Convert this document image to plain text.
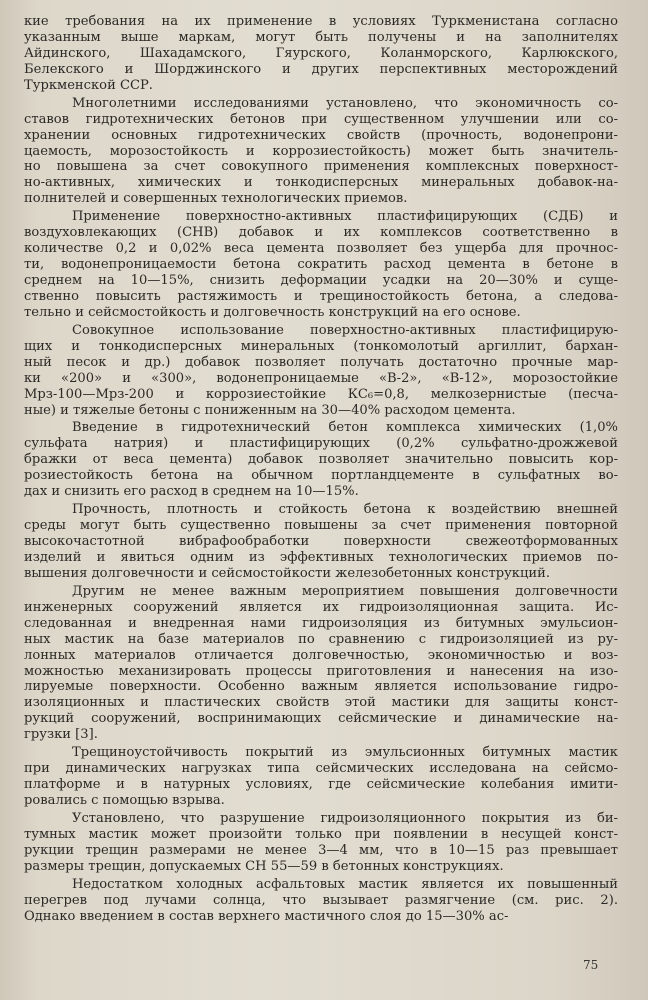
кие требования на их применение в условиях Туркменистана согласно
указанным выше маркам, могут быть получены и на заполнителях
Айдинского, Шахадамского, Гяурского, Коланморского, Карлюкского,
Белекского и Шорджинского и других перспективных месторождений
Туркменской ССР.
Многолетними исследованиями установлено, что экономичность со-
ставов гидротехнических бетонов при существенном улучшении или со-
хранении основных гидротехнических свойств (прочность, водонепрони-
цаемость, морозостойкость и коррозиестойкость) может быть значитель-
но повышена за счет совокупного применения комплексных поверхност-
но-активных, химических и тонкодисперсных минеральных добавок-на-
полнителей и совершенных технологических приемов.
Применение поверхностно-активных пластифицирующих (СДБ) и
воздуховлекающих (СНВ) добавок и их комплексов соответственно в
количестве 0,2 и 0,02% веса цемента позволяет без ущерба для прочнос-
ти, водонепроницаемости бетона сократить расход цемента в бетоне в
среднем на 10—15%, снизить деформации усадки на 20—30% и суще-
ственно повысить растяжимость и трещиностойкость бетона, а следова-
тельно и сейсмостойкость и долговечность конструкций на его основе.
Совокупное использование поверхностно-активных пластифицирую-
щих и тонкодисперсных минеральных (тонкомолотый аргиллит, бархан-
ный песок и др.) добавок позволяет получать достаточно прочные мар-
ки «200» и «300», водонепроницаемые «В-2», «В-12», морозостойкие
Мрз-100—Мрз-200 и коррозиестойкие КС₆=0,8, мелкозернистые (песча-
ные) и тяжелые бетоны с пониженным на 30—40% расходом цемента.
Введение в гидротехнический бетон комплекса химических (1,0%
сульфата натрия) и пластифицирующих (0,2% сульфатно-дрожжевой
бражки от веса цемента) добавок позволяет значительно повысить кор-
розиестойкость бетона на обычном портландцементе в сульфатных во-
дах и снизить его расход в среднем на 10—15%.
Прочность, плотность и стойкость бетона к воздействию внешней
среды могут быть существенно повышены за счет применения повторной
высокочастотной вибрафообработки поверхности свежеотформованных
изделий и явиться одним из эффективных технологических приемов по-
вышения долговечности и сейсмостойкости железобетонных конструкций.
Другим не менее важным мероприятием повышения долговечности
инженерных сооружений является их гидроизоляционная защита. Ис-
следованная и внедренная нами гидроизоляция из битумных эмульсион-
ных мастик на базе материалов по сравнению с гидроизоляцией из ру-
лонных материалов отличается долговечностью, экономичностью и воз-
можностью механизировать процессы приготовления и нанесения на изо-
лируемые поверхности. Особенно важным является использование гидро-
изоляционных и пластических свойств этой мастики для защиты конст-
рукций сооружений, воспринимающих сейсмические и динамические на-
грузки [3].
Трещиноустойчивость покрытий из эмульсионных битумных мастик
при динамических нагрузках типа сейсмических исследована на сейсмо-
платформе и в натурных условиях, где сейсмические колебания имити-
ровались с помощью взрыва.
Установлено, что разрушение гидроизоляционного покрытия из би-
тумных мастик может произойти только при появлении в несущей конст-
рукции трещин размерами не менее 3—4 мм, что в 10—15 раз превышает
размеры трещин, допускаемых СН 55—59 в бетонных конструкциях.
Недостатком холодных асфальтовых мастик является их повышенный
перегрев под лучами солнца, что вызывает размягчение (см. рис. 2).
Однако введением в состав верхнего мастичного слоя до 15—30% ас-
75
